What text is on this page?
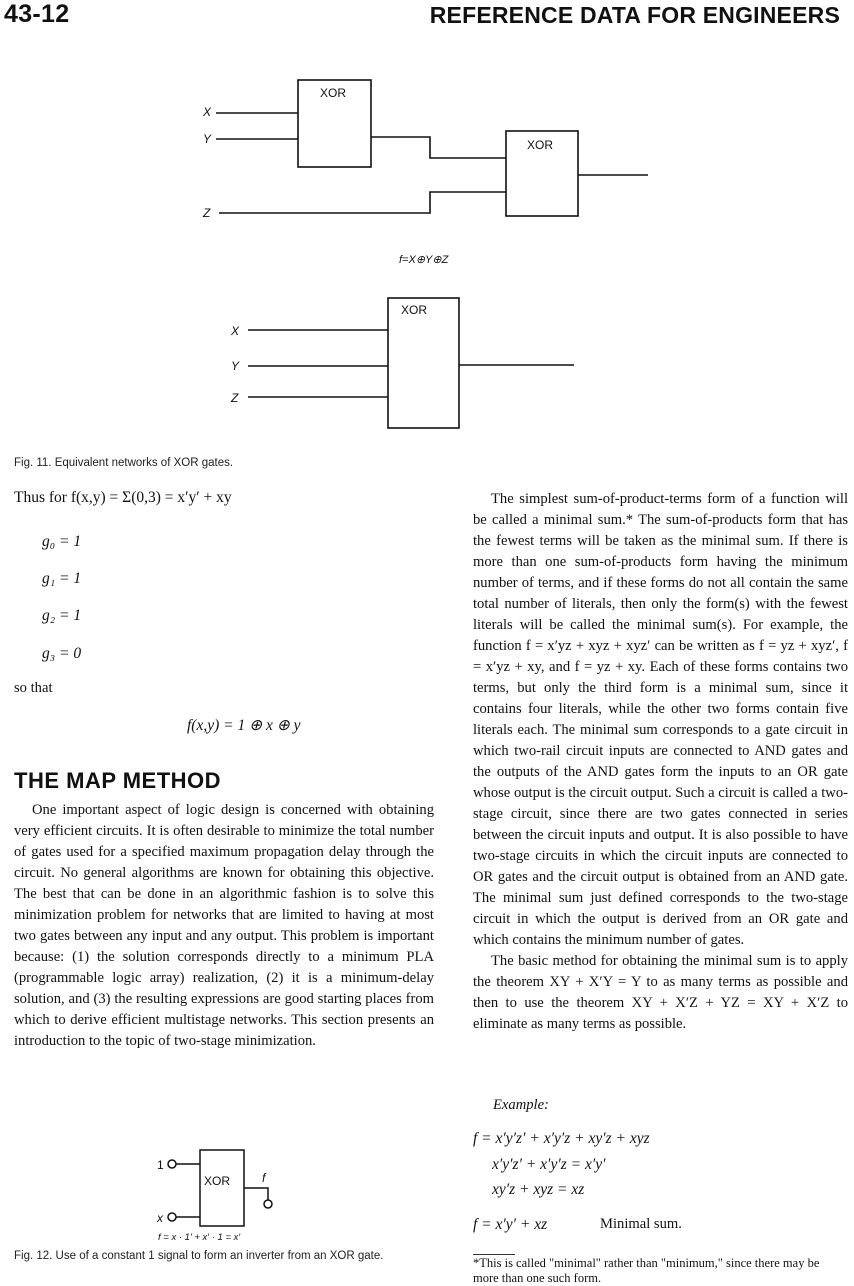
43-12	REFERENCE DATA FOR ENGINEERS
XOR
XOR
XOR
X
Y
Z
X
Y
Z
f=X⊕Y⊕Z
Fig. 11. Equivalent networks of XOR gates.
Thus for f(x,y) = Σ(0,3) = x′y′ + xy
g₀ = 1
g₁ = 1
g₂ = 1
g₃ = 0
so that
f(x,y) = 1 ⊕ x ⊕ y
THE MAP METHOD

One important aspect of logic design is concerned with obtaining very efficient circuits. It is often desirable to minimize the total number of gates used for a specified maximum propagation delay through the circuit. No general algorithms are known for obtaining this objective. The best that can be done in an algorithmic fashion is to solve this minimization problem for networks that are limited to having at most two gates between any input and any output. This problem is important because: (1) the solution corresponds directly to a minimum PLA (programmable logic array) realization, (2) it is a minimum-delay solution, and (3) the resulting expressions are good starting places from which to derive efficient multistage networks. This section presents an introduction to the topic of two-stage minimization.

XOR
1
x
f
f = x · 1′ + x′ · 1 = x′
Fig. 12. Use of a constant 1 signal to form an inverter from an XOR gate.

The simplest sum-of-product-terms form of a function will be called a minimal sum.* The sum-of-products form that has the fewest terms will be taken as the minimal sum. If there is more than one sum-of-products form having the minimum number of terms, and if these forms do not all contain the same total number of literals, then only the form(s) with the fewest literals will be called the minimal sum(s). For example, the function f = x′yz + xyz + xyz′ can be written as f = yz + xyz′, f = x′yz + xy, and f = yz + xy. Each of these forms contains two terms, but only the third form is a minimal sum, since it contains four literals, while the other two forms contain five literals each. The minimal sum corresponds to a gate circuit in which two-rail circuit inputs are connected to AND gates and the outputs of the AND gates form the inputs to an OR gate whose output is the circuit output. Such a circuit is called a two-stage circuit, since there are two gates connected in series between the circuit inputs and output. It is also possible to have two-stage circuits in which the circuit inputs are connected to OR gates and the circuit output is obtained from an AND gate. The minimal sum just defined corresponds to the two-stage circuit in which the output is derived from an OR gate and which contains the minimum number of gates.

The basic method for obtaining the minimal sum is to apply the theorem XY + X′Y = Y to as many terms as possible and then to use the theorem XY + X′Z + YZ = XY + X′Z to eliminate as many terms as possible.

Example:
f = x′y′z′ + x′y′z + xy′z + xyz
x′y′z′ + x′y′z = x′y′
xy′z + xyz = xz
f = x′y′ + xz	Minimal sum.
*This is called "minimal" rather than "minimum," since there may be more than one such form.
